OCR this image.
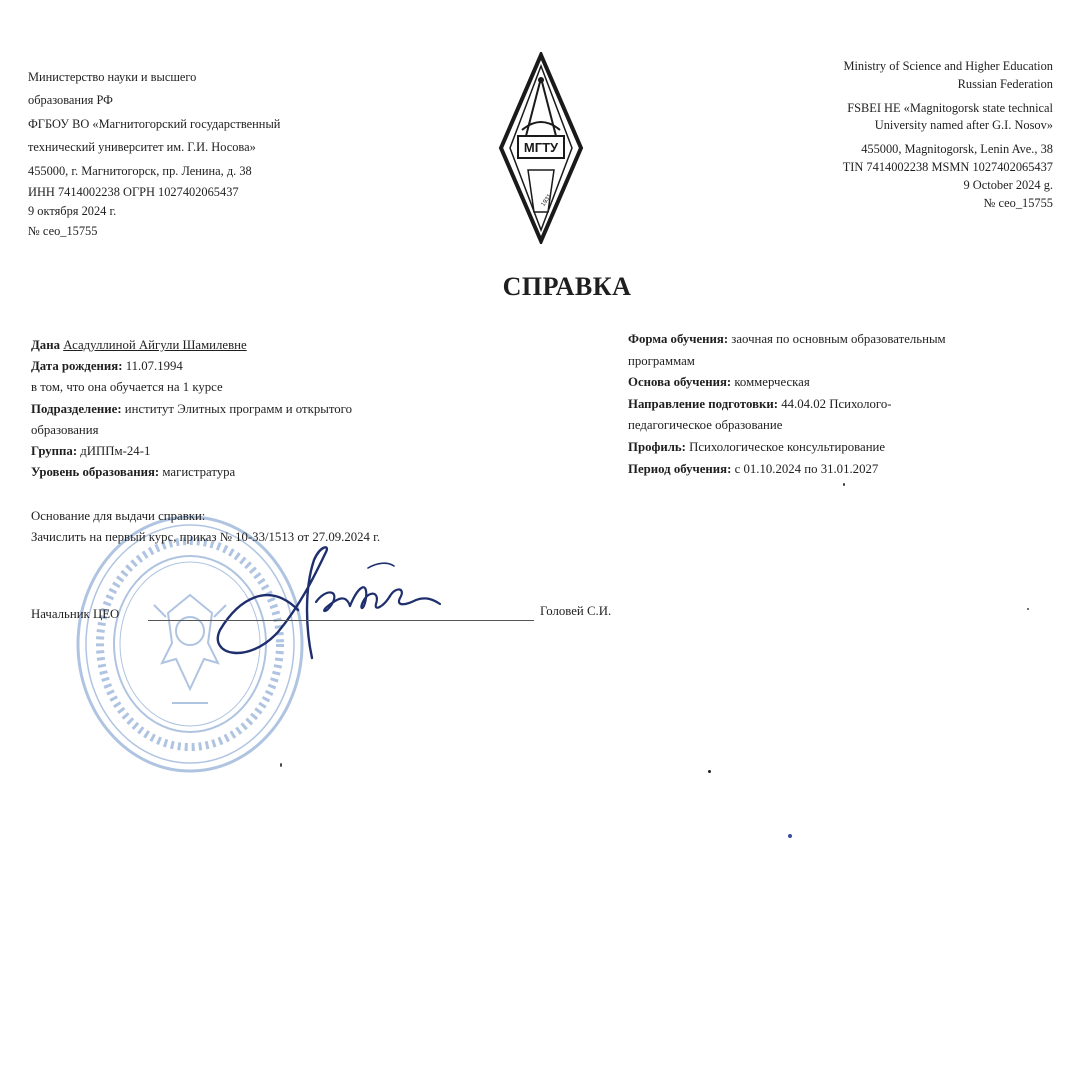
Министерство науки и высшего
образования РФ
ФГБОУ ВО «Магнитогорский государственный
технический университет им. Г.И. Носова»
455000, г. Магнитогорск, пр. Ленина, д. 38
ИНН 7414002238 ОГРН 1027402065437
9 октября 2024 г.
№ сео_15755
МГТУ
1931
Ministry of Science and Higher Education
Russian Federation
FSBEI HE «Magnitogorsk state technical
University named after G.I. Nosov»
455000, Magnitogorsk, Lenin Ave., 38
TIN 7414002238 MSMN 1027402065437
9 October 2024 g.
№ сео_15755
СПРАВКА
Дана Асадуллиной Айгули Шамилевне
Дата рождения: 11.07.1994
в том, что она обучается на 1 курсе
Подразделение: институт Элитных программ и открытого
образования
Группа: дИППм-24-1
Уровень образования: магистратура
Форма обучения: заочная по основным образовательным
программам
Основа обучения: коммерческая
Направление подготовки: 44.04.02 Психолого-
педагогическое образование
Профиль: Психологическое консультирование
Период обучения: с 01.10.2024 по 31.01.2027
Основание для выдачи справки:
Зачислить на первый курс, приказ № 10-33/1513 от 27.09.2024 г.
Начальник ЦЕО	Головей С.И.
